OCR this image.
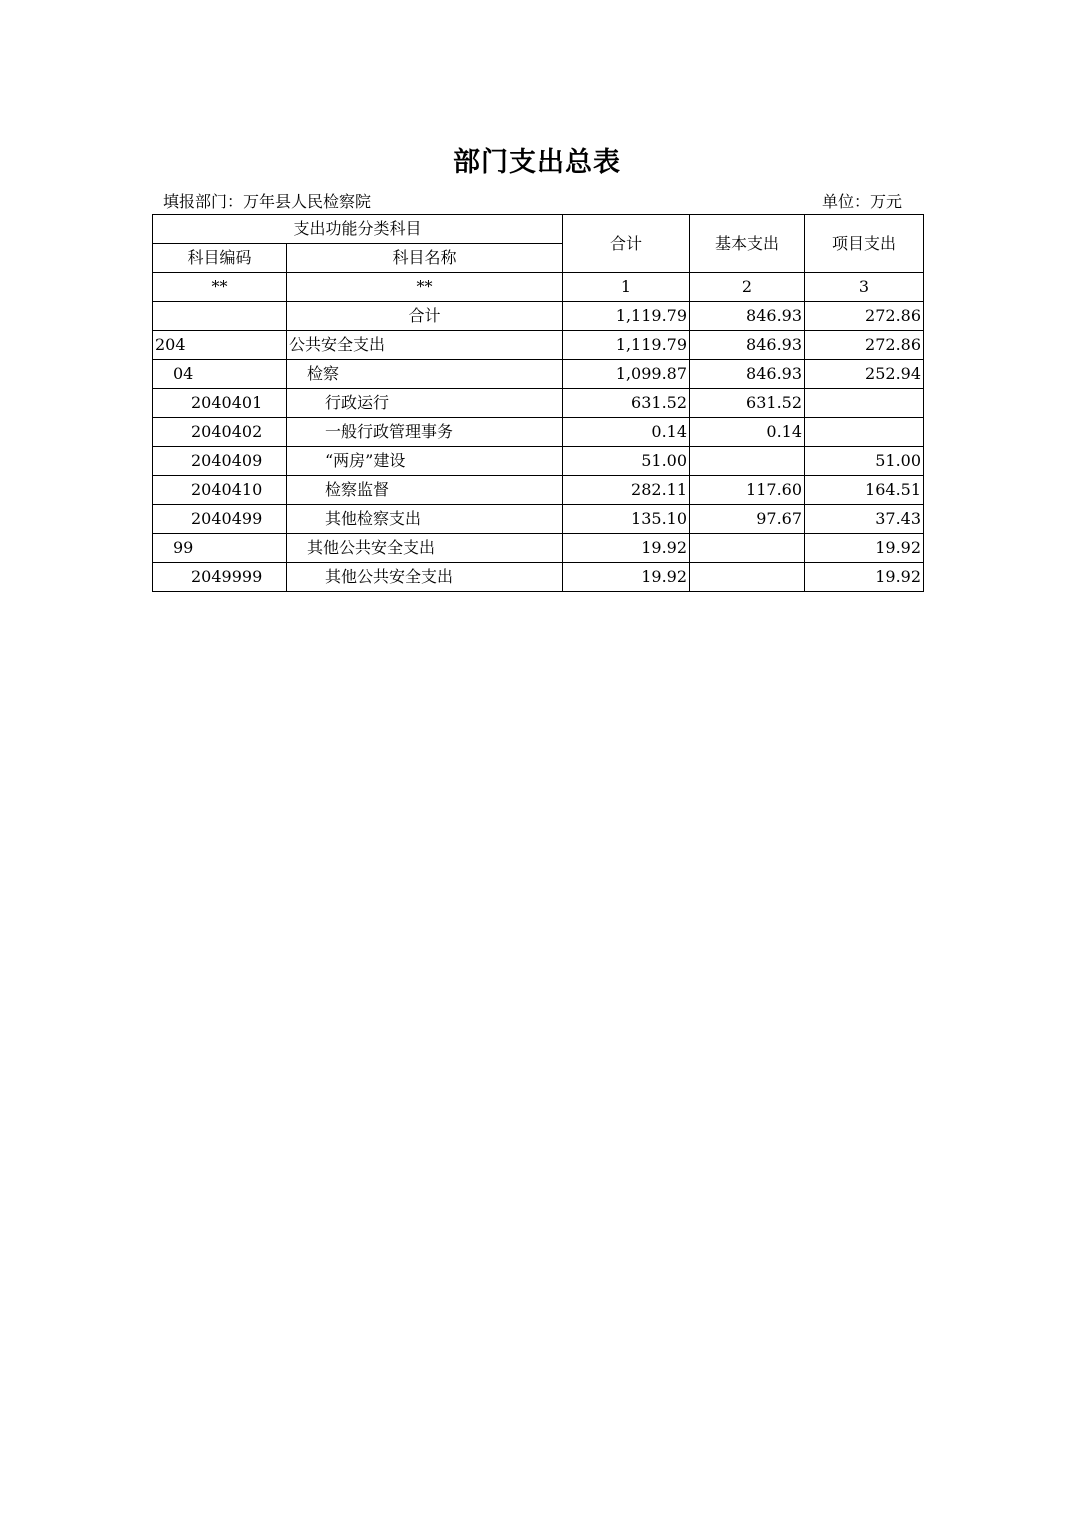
部门支出总表
填报部门：万年县人民检察院	单位：万元
支出功能分类科目		合计	基本支出	项目支出
科目编码	科目名称			
**	**	1	2	3
	合计	1,119.79	846.93	272.86
204	公共安全支出	1,119.79	846.93	272.86
04	检察	1,099.87	846.93	252.94
2040401	行政运行	631.52	631.52	
2040402	一般行政管理事务	0.14	0.14	
2040409	“两房”建设	51.00		51.00
2040410	检察监督	282.11	117.60	164.51
2040499	其他检察支出	135.10	97.67	37.43
99	其他公共安全支出	19.92		19.92
2049999	其他公共安全支出	19.92		19.92
